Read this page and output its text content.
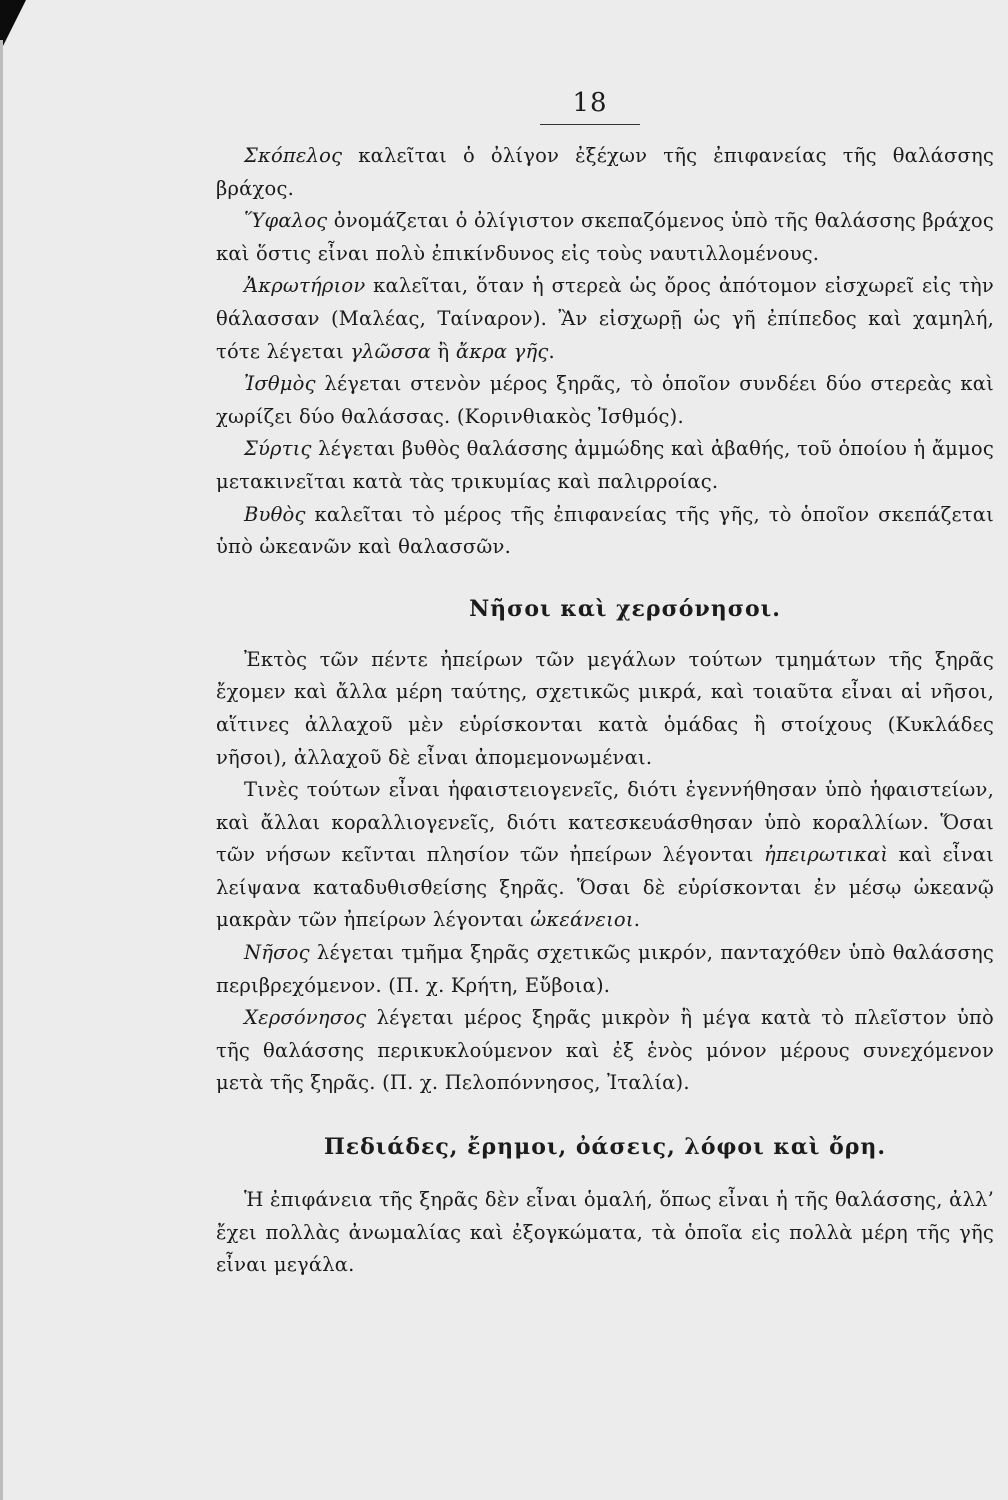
18

Σκόπελος καλεῖται ὁ ὀλίγον ἐξέχων τῆς ἐπιφανείας τῆς θαλάσσης βράχος.

Ὕφαλος ὀνομάζεται ὁ ὀλίγιστον σκεπαζόμενος ὑπὸ τῆς θαλάσσης βράχος καὶ ὅστις εἶναι πολὺ ἐπικίνδυνος εἰς τοὺς ναυτιλλομένους.

Ἀκρωτήριον καλεῖται, ὅταν ἡ στερεὰ ὡς ὄρος ἀπότομον εἰσχωρεῖ εἰς τὴν θάλασσαν (Μαλέας, Ταίναρον). Ἂν εἰσχωρῇ ὡς γῆ ἐπίπεδος καὶ χαμηλή, τότε λέγεται γλῶσσα ἢ ἄκρα γῆς.

Ἰσθμὸς λέγεται στενὸν μέρος ξηρᾶς, τὸ ὁποῖον συνδέει δύο στερεὰς καὶ χωρίζει δύο θαλάσσας. (Κορινθιακὸς Ἰσθμός).

Σύρτις λέγεται βυθὸς θαλάσσης ἀμμώδης καὶ ἀβαθής, τοῦ ὁποίου ἡ ἄμμος μετακινεῖται κατὰ τὰς τρικυμίας καὶ παλιρροίας.

Βυθὸς καλεῖται τὸ μέρος τῆς ἐπιφανείας τῆς γῆς, τὸ ὁποῖον σκεπάζεται ὑπὸ ὠκεανῶν καὶ θαλασσῶν.

Νῆσοι καὶ χερσόνησοι.

Ἐκτὸς τῶν πέντε ἠπείρων τῶν μεγάλων τούτων τμημάτων τῆς ξηρᾶς ἔχομεν καὶ ἄλλα μέρη ταύτης, σχετικῶς μικρά, καὶ τοιαῦτα εἶναι αἱ νῆσοι, αἵτινες ἀλλαχοῦ μὲν εὑρίσκονται κατὰ ὁμάδας ἢ στοίχους (Κυκλάδες νῆσοι), ἀλλαχοῦ δὲ εἶναι ἀπομεμονωμέναι.

Τινὲς τούτων εἶναι ἡφαιστειογενεῖς, διότι ἐγεννήθησαν ὑπὸ ἡφαιστείων, καὶ ἄλλαι κοραλλιογενεῖς, διότι κατεσκευάσθησαν ὑπὸ κοραλλίων. Ὅσαι τῶν νήσων κεῖνται πλησίον τῶν ἠπείρων λέγονται ἠπειρωτικαὶ καὶ εἶναι λείψανα καταδυθισθείσης ξηρᾶς. Ὅσαι δὲ εὑρίσκονται ἐν μέσῳ ὠκεανῷ μακρὰν τῶν ἠπείρων λέγονται ὠκεάνειοι.

Νῆσος λέγεται τμῆμα ξηρᾶς σχετικῶς μικρόν, πανταχόθεν ὑπὸ θαλάσσης περιβρεχόμενον. (Π. χ. Κρήτη, Εὔβοια).

Χερσόνησος λέγεται μέρος ξηρᾶς μικρὸν ἢ μέγα κατὰ τὸ πλεῖστον ὑπὸ τῆς θαλάσσης περικυκλούμενον καὶ ἐξ ἑνὸς μόνον μέρους συνεχόμενον μετὰ τῆς ξηρᾶς. (Π. χ. Πελοπόννησος, Ἰταλία).

Πεδιάδες, ἔρημοι, ὀάσεις, λόφοι καὶ ὄρη.

Ἡ ἐπιφάνεια τῆς ξηρᾶς δὲν εἶναι ὁμαλή, ὅπως εἶναι ἡ τῆς θαλάσσης, ἀλλ’ ἔχει πολλὰς ἀνωμαλίας καὶ ἐξογκώματα, τὰ ὁποῖα εἰς πολλὰ μέρη τῆς γῆς εἶναι μεγάλα.
